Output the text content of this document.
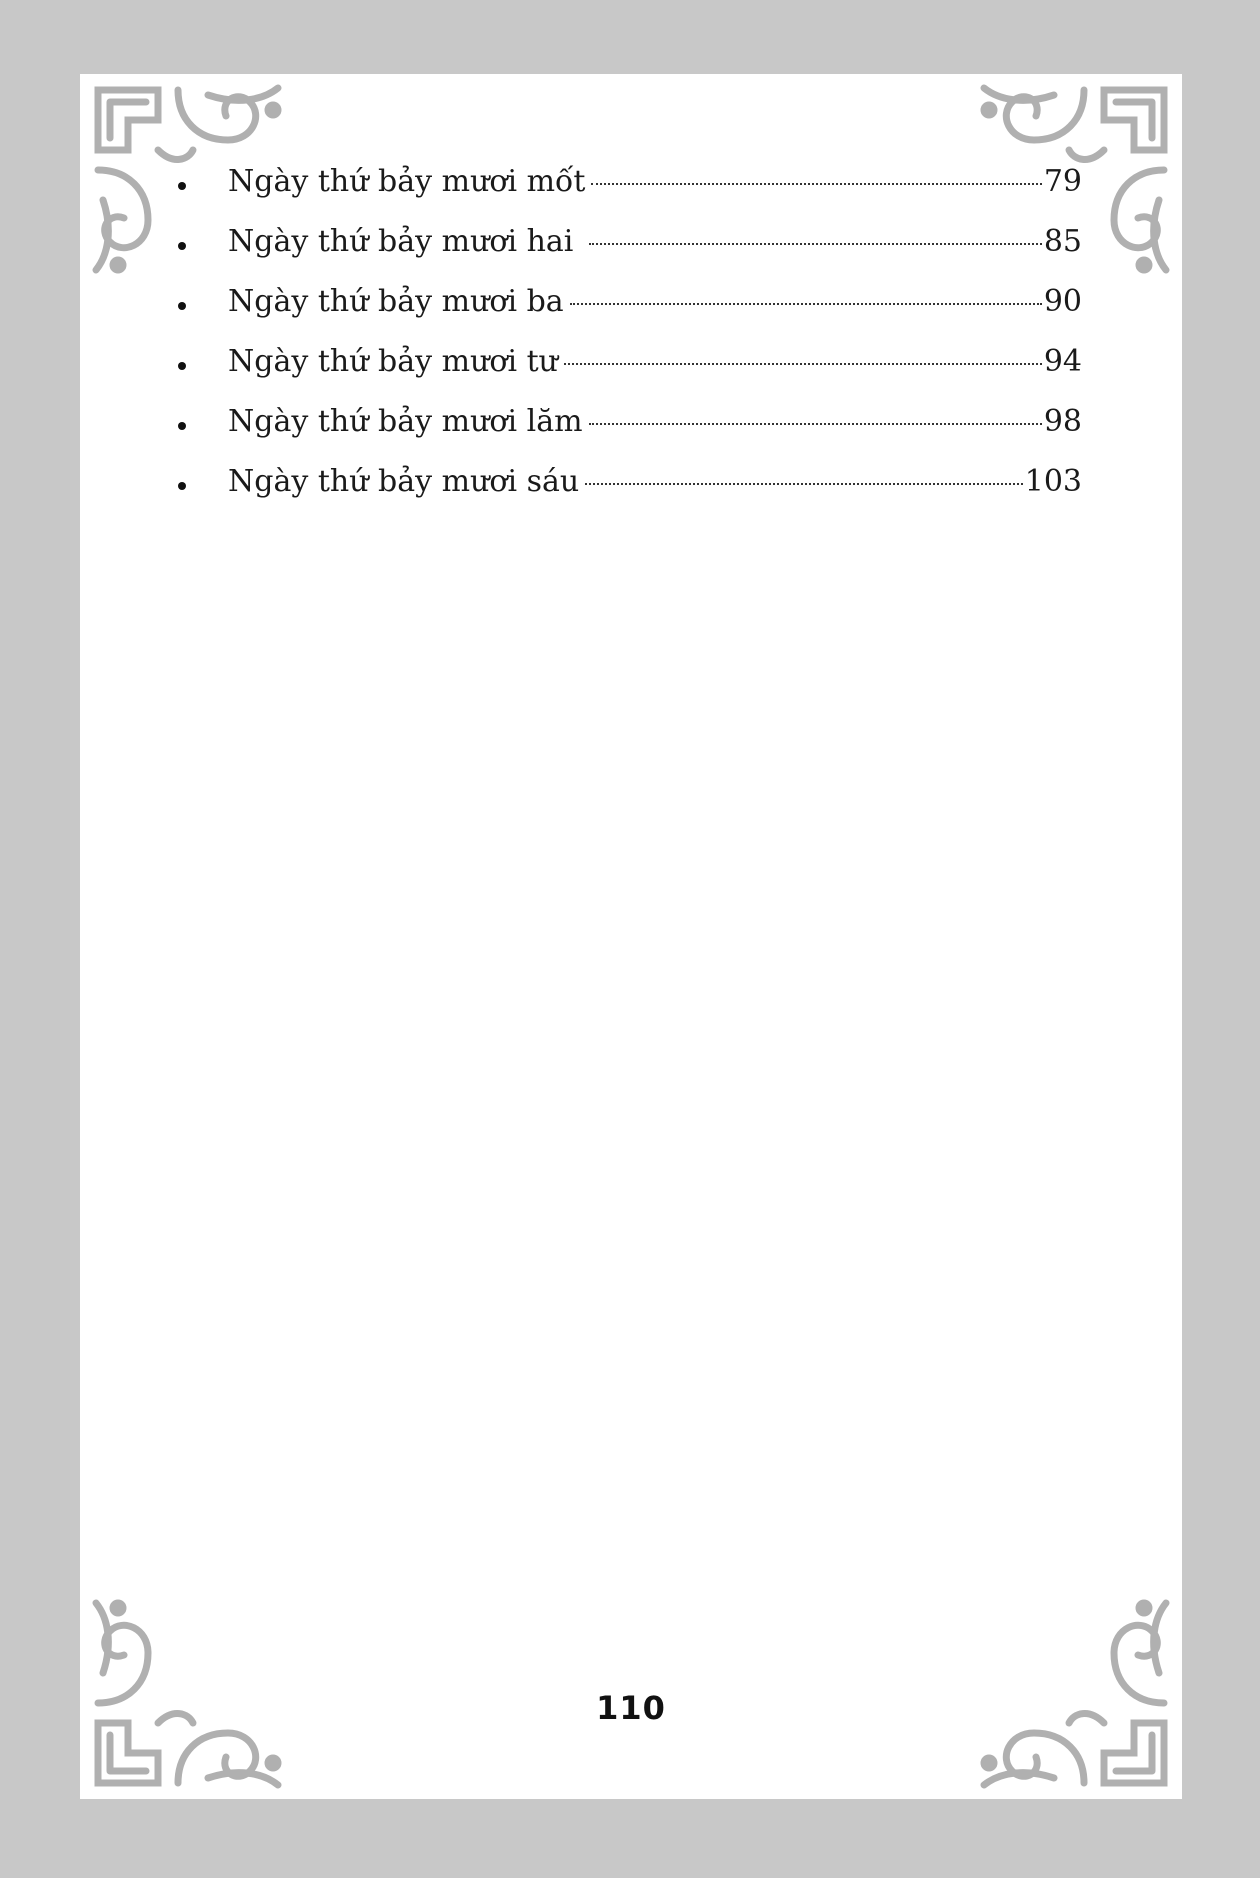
Ngày thứ bảy mươi mốt	79
Ngày thứ bảy mươi hai	85
Ngày thứ bảy mươi ba	90
Ngày thứ bảy mươi tư	94
Ngày thứ bảy mươi lăm	98
Ngày thứ bảy mươi sáu	103
110
